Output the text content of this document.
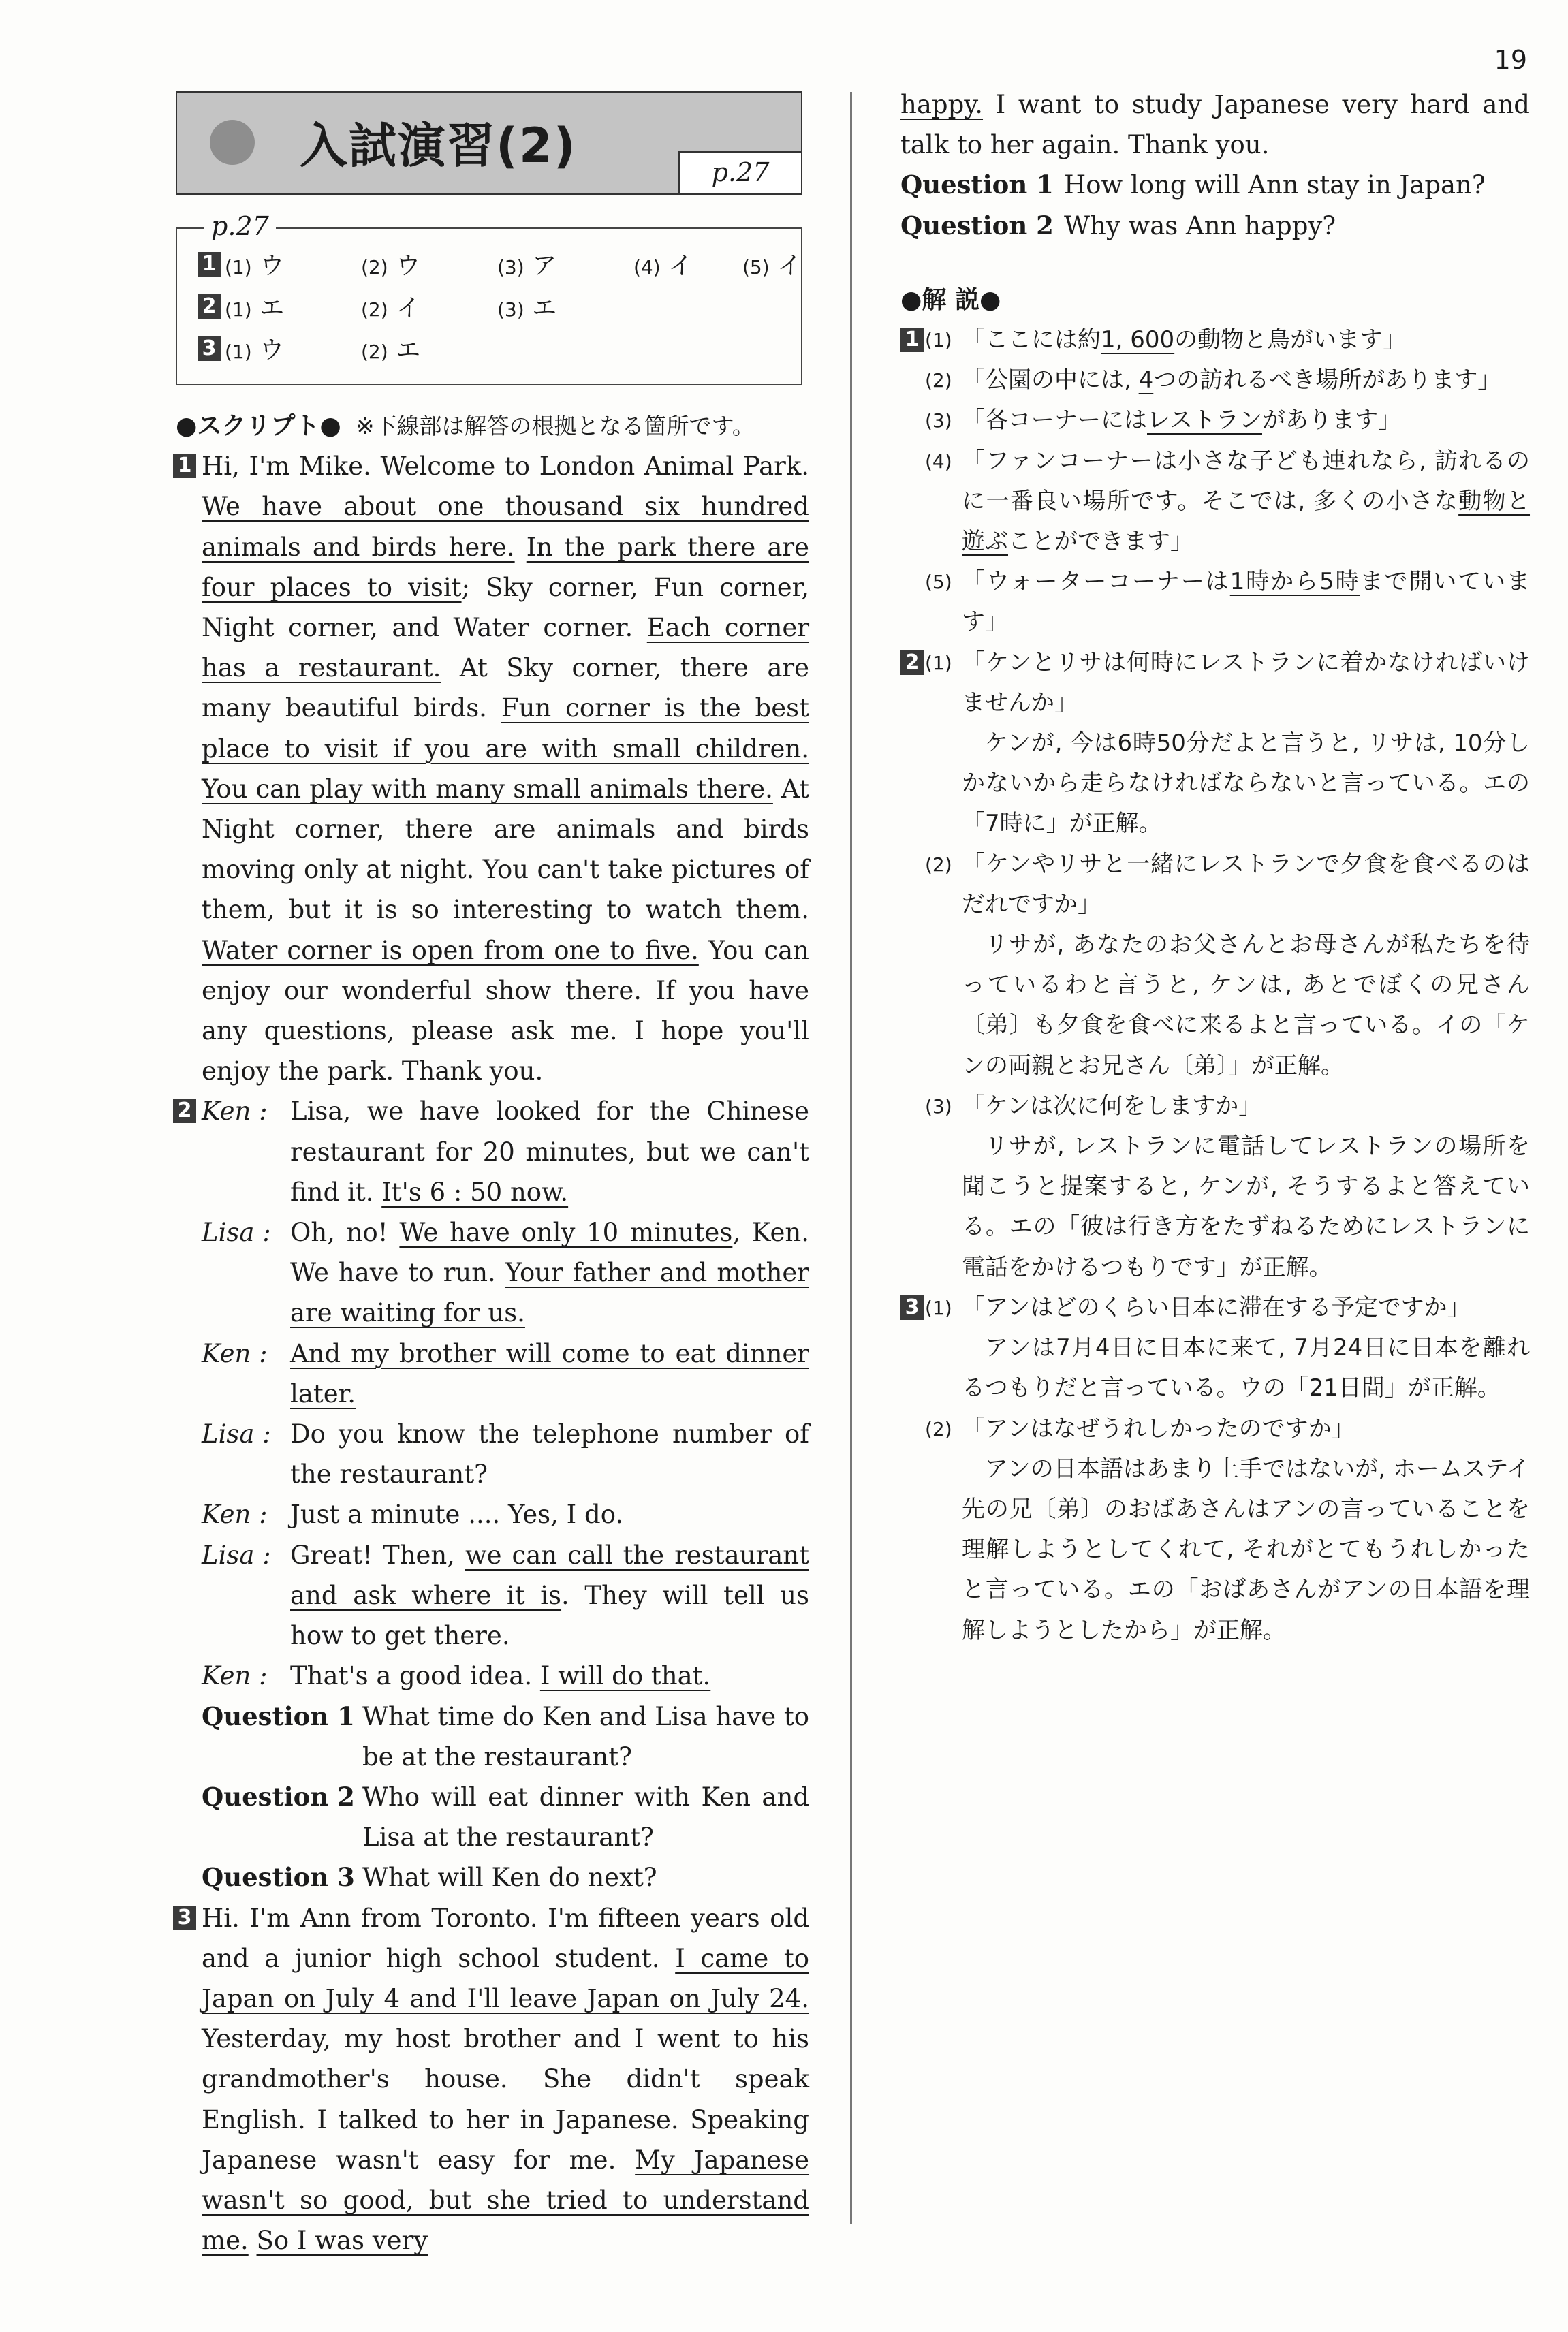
19
入試演習(2)	p.27
p.27
1 (1) ウ	(2) ウ	(3) ア	(4) イ	(5) イ
2 (1) エ	(2) イ	(3) エ
3 (1) ウ	(2) エ
●スクリプト● ※下線部は解答の根拠となる箇所です。
1 Hi, I'm Mike. Welcome to London Animal Park. We have about one thousand six hundred animals and birds here. In the park there are four places to visit; Sky corner, Fun corner, Night corner, and Water corner. Each corner has a restaurant. At Sky corner, there are many beautiful birds. Fun corner is the best place to visit if you are with small children. You can play with many small animals there. At Night corner, there are animals and birds moving only at night. You can't take pictures of them, but it is so interesting to watch them. Water corner is open from one to five. You can enjoy our wonderful show there. If you have any questions, please ask me. I hope you'll enjoy the park. Thank you.
2 Ken : Lisa, we have looked for the Chinese restaurant for 20 minutes, but we can't find it. It's 6 : 50 now.
Lisa : Oh, no! We have only 10 minutes, Ken. We have to run. Your father and mother are waiting for us.
Ken : And my brother will come to eat dinner later.
Lisa : Do you know the telephone number of the restaurant?
Ken : Just a minute .... Yes, I do.
Lisa : Great! Then, we can call the restaurant and ask where it is. They will tell us how to get there.
Ken : That's a good idea. I will do that.
Question 1 What time do Ken and Lisa have to be at the restaurant?
Question 2 Who will eat dinner with Ken and Lisa at the restaurant?
Question 3 What will Ken do next?
3 Hi. I'm Ann from Toronto. I'm fifteen years old and a junior high school student. I came to Japan on July 4 and I'll leave Japan on July 24. Yesterday, my host brother and I went to his grandmother's house. She didn't speak English. I talked to her in Japanese. Speaking Japanese wasn't easy for me. My Japanese wasn't so good, but she tried to understand me. So I was very
happy. I want to study Japanese very hard and talk to her again. Thank you.
Question 1 How long will Ann stay in Japan?
Question 2 Why was Ann happy?
●解 説●
1 (1) 「ここには約1, 600の動物と鳥がいます」
(2) 「公園の中には, 4つの訪れるべき場所があります」
(3) 「各コーナーにはレストランがあります」
(4) 「ファンコーナーは小さな子ども連れなら, 訪れるのに一番良い場所です。そこでは, 多くの小さな動物と遊ぶことができます」
(5) 「ウォーターコーナーは1時から5時まで開いています」
2 (1) 「ケンとリサは何時にレストランに着かなければいけませんか」
ケンが, 今は6時50分だよと言うと, リサは, 10分しかないから走らなければならないと言っている。エの「7時に」が正解。
(2) 「ケンやリサと一緒にレストランで夕食を食べるのはだれですか」
リサが, あなたのお父さんとお母さんが私たちを待っているわと言うと, ケンは, あとでぼくの兄さん〔弟〕も夕食を食べに来るよと言っている。イの「ケンの両親とお兄さん〔弟〕」が正解。
(3) 「ケンは次に何をしますか」
リサが, レストランに電話してレストランの場所を聞こうと提案すると, ケンが, そうするよと答えている。エの「彼は行き方をたずねるためにレストランに電話をかけるつもりです」が正解。
3 (1) 「アンはどのくらい日本に滞在する予定ですか」
アンは7月4日に日本に来て, 7月24日に日本を離れるつもりだと言っている。ウの「21日間」が正解。
(2) 「アンはなぜうれしかったのですか」
アンの日本語はあまり上手ではないが, ホームステイ先の兄〔弟〕のおばあさんはアンの言っていることを理解しようとしてくれて, それがとてもうれしかったと言っている。エの「おばあさんがアンの日本語を理解しようとしたから」が正解。
